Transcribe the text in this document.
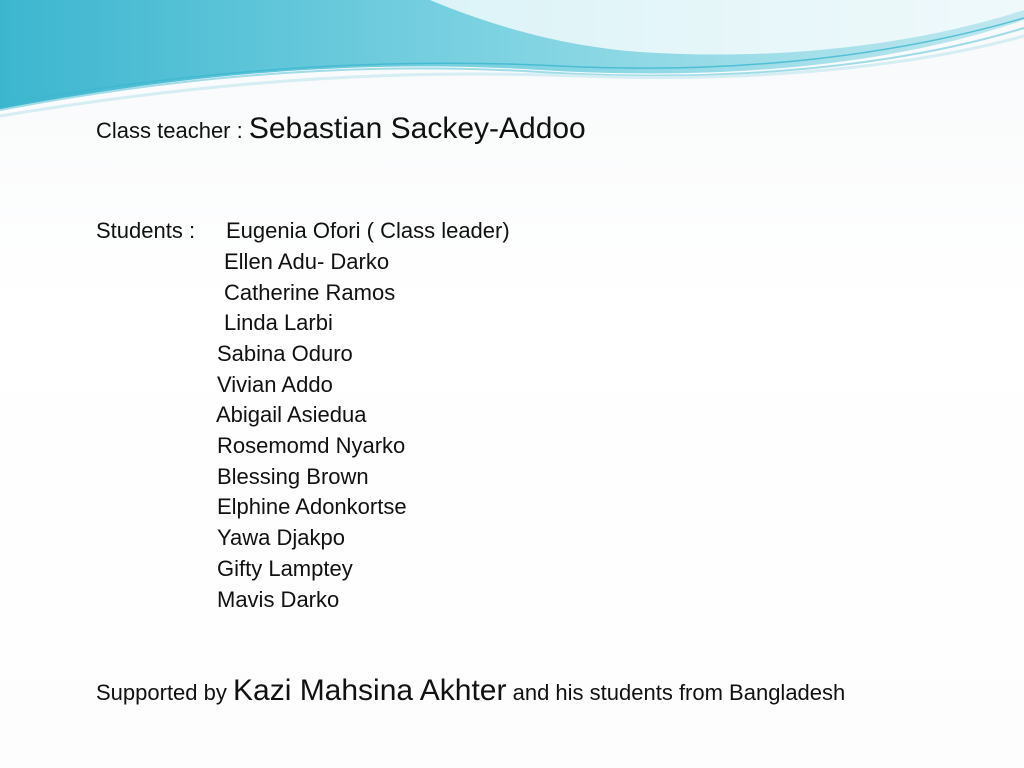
Class teacher : Sebastian Sackey-Addoo
Students : Eugenia Ofori ( Class leader)
Ellen Adu- Darko
Catherine Ramos
Linda Larbi
Sabina Oduro
Vivian Addo
Abigail Asiedua
Rosemomd Nyarko
Blessing Brown
Elphine Adonkortse
Yawa Djakpo
Gifty Lamptey
Mavis Darko
Supported by Kazi Mahsina Akhter and his students from Bangladesh
